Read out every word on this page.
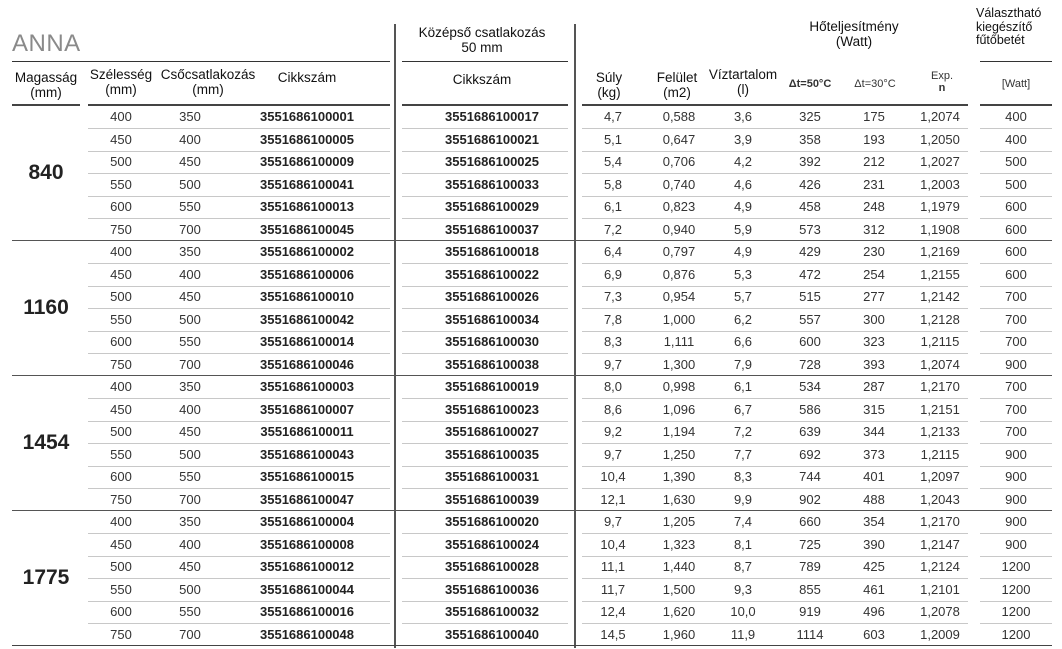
ANNA
Magasság
(mm)
Szélesség
(mm)
Csőcsatlakozás
(mm)
Cikkszám
Középső csatlakozás
50 mm
Cikkszám	Súly
(kg)
Felület
(m2)
Víztartalom
(l)
Hőteljesítmény
(Watt)
Δt=50°C	Δt=30°C
Exp.
n
Választható
kiegészítő
fűtőbetét
[Watt]
840
400	350	3551686100001	3551686100017	4,7	0,588	3,6	325	175	1,2074	400
450	400	3551686100005	3551686100021	5,1	0,647	3,9	358	193	1,2050	400
500	450	3551686100009	3551686100025	5,4	0,706	4,2	392	212	1,2027	500
550	500	3551686100041	3551686100033	5,8	0,740	4,6	426	231	1,2003	500
600	550	3551686100013	3551686100029	6,1	0,823	4,9	458	248	1,1979	600
750	700	3551686100045	3551686100037	7,2	0,940	5,9	573	312	1,1908	600
1160
400	350	3551686100002	3551686100018	6,4	0,797	4,9	429	230	1,2169	600
450	400	3551686100006	3551686100022	6,9	0,876	5,3	472	254	1,2155	600
500	450	3551686100010	3551686100026	7,3	0,954	5,7	515	277	1,2142	700
550	500	3551686100042	3551686100034	7,8	1,000	6,2	557	300	1,2128	700
600	550	3551686100014	3551686100030	8,3	1,111	6,6	600	323	1,2115	700
750	700	3551686100046	3551686100038	9,7	1,300	7,9	728	393	1,2074	900
1454
400	350	3551686100003	3551686100019	8,0	0,998	6,1	534	287	1,2170	700
450	400	3551686100007	3551686100023	8,6	1,096	6,7	586	315	1,2151	700
500	450	3551686100011	3551686100027	9,2	1,194	7,2	639	344	1,2133	700
550	500	3551686100043	3551686100035	9,7	1,250	7,7	692	373	1,2115	900
600	550	3551686100015	3551686100031	10,4	1,390	8,3	744	401	1,2097	900
750	700	3551686100047	3551686100039	12,1	1,630	9,9	902	488	1,2043	900
1775
400	350	3551686100004	3551686100020	9,7	1,205	7,4	660	354	1,2170	900
450	400	3551686100008	3551686100024	10,4	1,323	8,1	725	390	1,2147	900
500	450	3551686100012	3551686100028	11,1	1,440	8,7	789	425	1,2124	1200
550	500	3551686100044	3551686100036	11,7	1,500	9,3	855	461	1,2101	1200
600	550	3551686100016	3551686100032	12,4	1,620	10,0	919	496	1,2078	1200
750	700	3551686100048	3551686100040	14,5	1,960	11,9	1114	603	1,2009	1200
